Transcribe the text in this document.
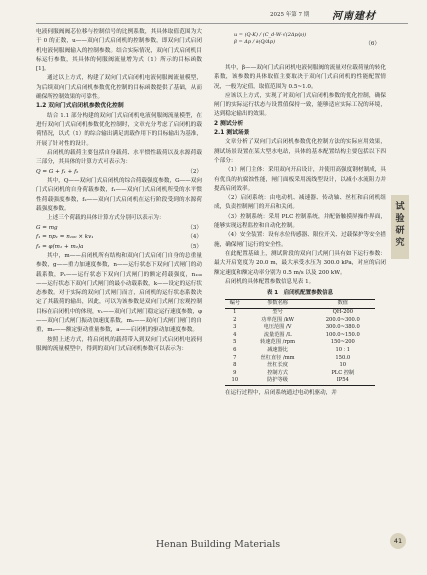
2025 年第 7 期 河南建材

电液伺服阀阀芯位移与控制信号的比例系数，其具体取值范围为大于 0 的正数，u——双向门式启闭机的控制参数，即双向门式启闭机电液伺服阀输入的控制参数。结合实际情况，双向门式启闭机目标运行参数，其具体的伺服阀流量增为式（1）所示的目标函数[1]。

通过以上方式，构建了双向门式启闭机电液伺服阀流量模型，为后续双向门式启闭机参数优化控制的目标函数提供了基础，从而确保所控制效果的可靠性。

1.2 双向门式启闭机参数优化控制

结合 1.1 部分构建的双向门式启闭机电液伺服阀流量模型，在进行双向门式启闭机参数优化控制时，文章充分考虑了启闭机的载荷情况，以式（1）的综合输出满足需载作用下的目标输出为基准，开展了针对性的设计。

启闭机的载荷主要包括自身载荷、水平惯性载荷以及水源荷载三部分，其具体的计算方式可表示为：

Q = G + f₁ + f₂	（2）

其中，Q——双向门式启闭机的综合荷载强度参数，G——双向门式启闭机的自身荷载参数，f₁——双向门式启闭机所受的水平惯性荷载强度参数，f₂——双向门式启闭机在运行阶段受到的水源荷载强度参数。

上述三个荷载的具体计算方式分别可以表示为：

G = mg	（3）
f₁ = np₁ = n₁₀₀ × kv₁	（4）
f₂ = φ(m₁ + m₂)a	（5）

其中，m——启闭机所有结构和双向门式启闭门自身的总重量参数，g——重力加速度参数，n——运行状态下双向门式闸门的动载系数，P₁——运行状态下双向门式闸门的额定荷载强度，n₁₀₀——运行状态下双向门式闸门的最小动载系数，k——设定的运行状态参数。对于实际的双向门式闸门而言，启闭机的运行状态系数决定了其载荷的输出，因此，可以为该参数是双向门式闸门宏观控制目标在启闭机中的体现，v₁——双向门式闸门稳定运行速度参数，φ——双向门式闸门振动加速度系数，m₁——双向门式闸门闸门的自重，m₂——额定驱动重量参数，a——启闭机的驱动加速度参数。

按照上述方式，将启闭机的载荷带入到双向门式启闭机电液伺服阀的流量模型中，得到的双向门式启闭机参数可以表示为：

u = (Q·K) / (C_d·W·√(2Δp/ρ))
β = Δp / ∂(Q/Δp)	（6）

其中，β——双向门式启闭机电液伺服阀的流量对位载荷量的转化系数，该参数的具体取值主要取决于双向门式启闭机的性能配置情况，一般为定值，取值范围为 0.5~1.0。

应该以上方式，实现了对双向门式启闭机参数的优化控制，确保闸门的实际运行状态与设置值保持一致，能够适应实际工况的环境，达到稳定输出的效果。

2 测试分析

2.1 测试场景

文章分析了双向门式启闭机参数优化控制方法的实际应用效果，测试场景设置在某大型水电站，具体的基本配置结构主要包括以下四个部分：

（1）闸门主体：采用双向开启设计，并使用高强度钢材制成，具有优良的抗腐蚀性能，闸门面板采用流线型设计，以减小水流阻力并提高启闭效率。

（2）启闭系统：由电动机、减速器、传动轴、丝杠和启闭机组成，负责控制闸门的开启和关闭。

（3）控制系统：采用 PLC 控制系统，并配备触摸屏操作界面，能够实现远程监控和自动化控制。

（4）安全装置：设有水位传感器、限位开关、过载保护等安全措施，确保闸门运行的安全性。

在此配置基础上，测试阶段的双向门式闸门具有如下运行参数：最大开启宽度为 20.0 m，最大承受水压为 300.0 kPa，对应的启闭额定速度和额定功率分别为 0.5 m/s 以及 200 kW。

启闭机的具体配置参数信息见表 1。

表 1　启闭机配置参数信息
编号	参数名称	数值
1	型号	QH-200
2	功率范围 /kW	200.0~300.0
3	电压范围 /V	300.0~380.0
4	流量范围 /L	100.0~150.0
5	转速范围 /rpm	150~200
6	减速器比	10 ∶ 1
7	丝杠直径 /mm	150.0
8	丝杠长度	10
9	控制方式	PLC 控制
10	防护等级	IP54

在运行过程中，启闭系统通过电动机驱动，并

试验研究
Henan Building Materials	41
